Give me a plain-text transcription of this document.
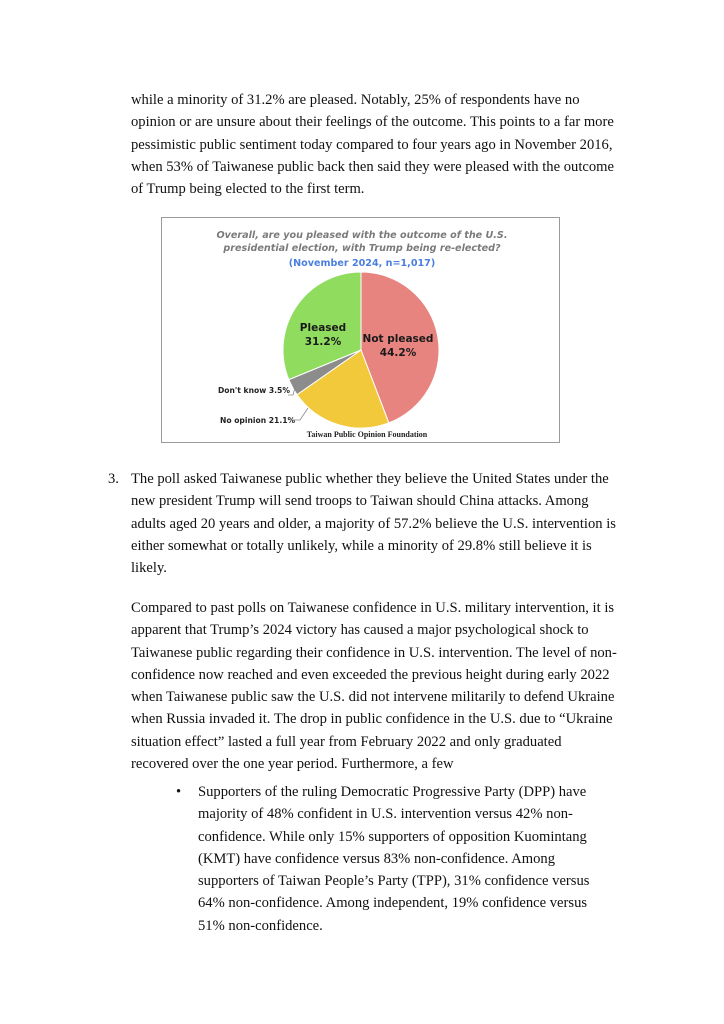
while a minority of 31.2% are pleased. Notably, 25% of respondents have no opinion or are unsure about their feelings of the outcome. This points to a far more pessimistic public sentiment today compared to four years ago in November 2016, when 53% of Taiwanese public back then said they were pleased with the outcome of Trump being elected to the first term.

Overall, are you pleased with the outcome of the U.S.
presidential election, with Trump being re-elected?
(November 2024, n=1,017)
Pleased
31.2% Not pleased
44.2%
Don't know 3.5%
No opinion 21.1%
Taiwan Public Opinion Foundation
3. The poll asked Taiwanese public whether they believe the United States under the new president Trump will send troops to Taiwan should China attacks. Among adults aged 20 years and older, a majority of 57.2% believe the U.S. intervention is either somewhat or totally unlikely, while a minority of 29.8% still believe it is likely.

Compared to past polls on Taiwanese confidence in U.S. military intervention, it is apparent that Trump’s 2024 victory has caused a major psychological shock to Taiwanese public regarding their confidence in U.S. intervention. The level of non-confidence now reached and even exceeded the previous height during early 2022 when Taiwanese public saw the U.S. did not intervene militarily to defend Ukraine when Russia invaded it. The drop in public confidence in the U.S. due to “Ukraine situation effect” lasted a full year from February 2022 and only graduated recovered over the one year period. Furthermore, a few

• Supporters of the ruling Democratic Progressive Party (DPP) have majority of 48% confident in U.S. intervention versus 42% non-confidence. While only 15% supporters of opposition Kuomintang (KMT) have confidence versus 83% non-confidence. Among supporters of Taiwan People’s Party (TPP), 31% confidence versus 64% non-confidence. Among independent, 19% confidence versus 51% non-confidence.
